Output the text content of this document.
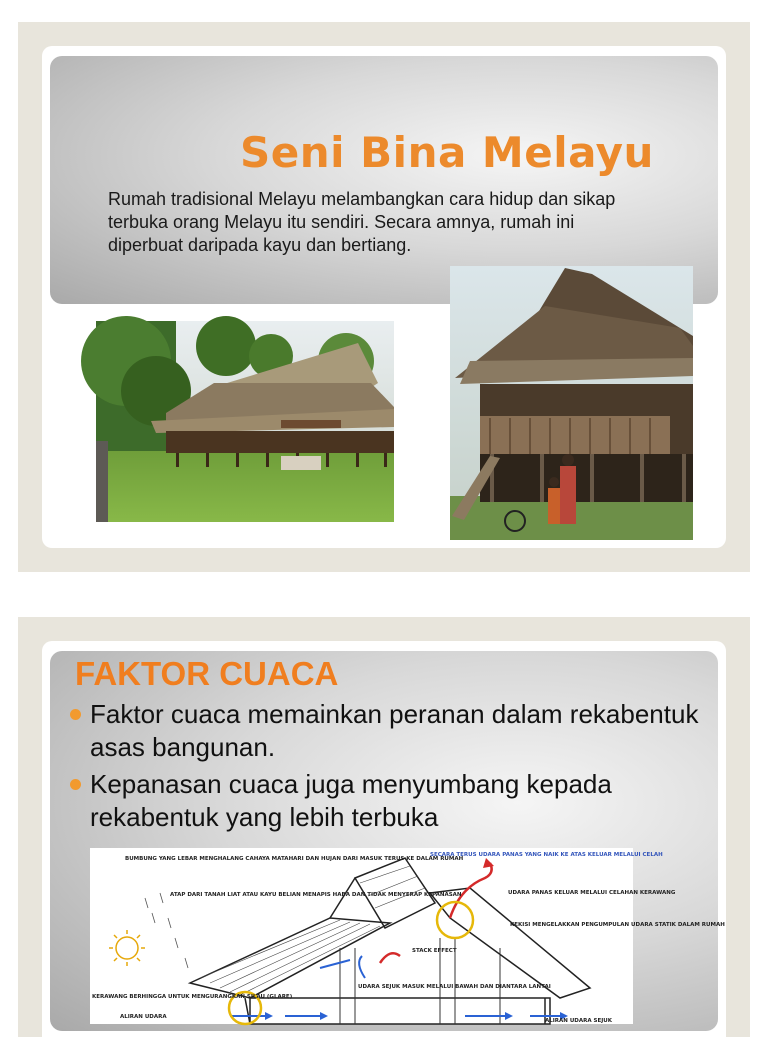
Seni Bina Melayu

Rumah tradisional Melayu melambangkan cara hidup dan sikap terbuka orang Melayu itu sendiri. Secara amnya, rumah ini diperbuat daripada kayu dan bertiang.

FAKTOR CUACA
Faktor cuaca memainkan peranan dalam rekabentuk asas bangunan.
Kepanasan cuaca juga menyumbang kepada rekabentuk yang lebih terbuka
BUMBUNG YANG LEBAR MENGHALANG CAHAYA MATAHARI DAN HUJAN DARI MASUK TERUS KE DALAM RUMAH
ATAP DARI TANAH LIAT ATAU KAYU BELIAN MENAPIS HABA DAN TIDAK MENYERAP KEPANASAN
SECARA TERUS UDARA PANAS YANG NAIK KE ATAS KELUAR MELALUI CELAH
UDARA PANAS KELUAR MELALUI CELAHAN KERAWANG
KEKISI MENGELAKKAN PENGUMPULAN UDARA STATIK DALAM RUMAH
STACK EFFECT
UDARA SEJUK MASUK MELALUI BAWAH DAN DIANTARA LANTAI
KERAWANG BERHINGGA UNTUK MENGURANGKAN SILAU (GLARE)
ALIRAN UDARA
ALIRAN UDARA SEJUK
